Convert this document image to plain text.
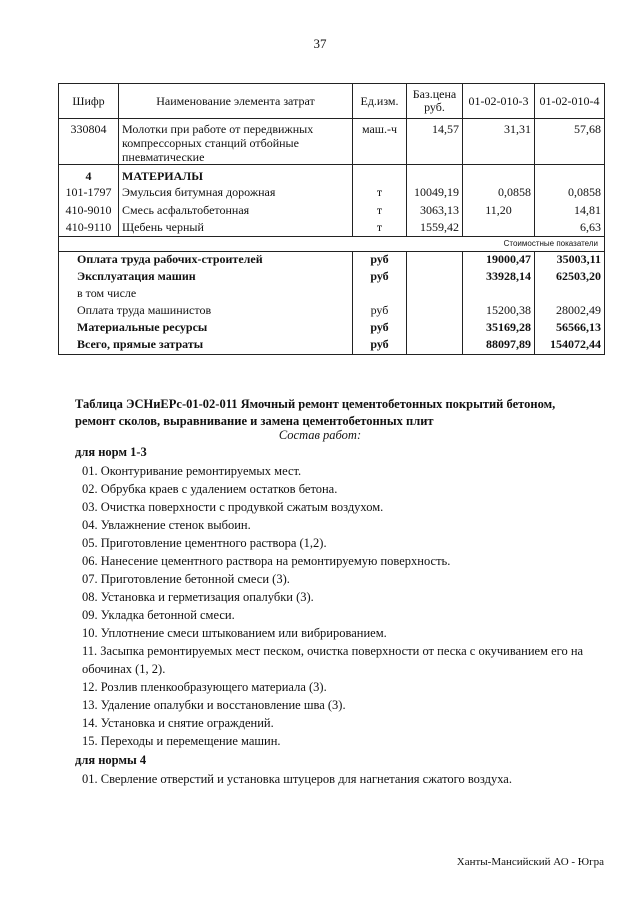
37
Шифр	Наименование элемента затрат	Ед.изм.	Баз.цена руб.	01-02-010-3	01-02-010-4
330804	Молотки при работе от передвижных компрессорных станций отбойные пневматические	маш.-ч	14,57	31,31	57,68
4	МАТЕРИАЛЫ				
101-1797	Эмульсия битумная дорожная	т	10049,19	0,0858	0,0858
410-9010	Смесь асфальтобетонная	т	3063,13	11,20	14,81
410-9110	Щебень черный	т	1559,42		6,63
Стоимостные показатели					
Оплата труда рабочих-строителей		руб		19000,47	35003,11
Эксплуатация машин		руб		33928,14	62503,20
в том числе					
Оплата труда машинистов		руб		15200,38	28002,49
Материальные ресурсы		руб		35169,28	56566,13
Всего, прямые затраты		руб		88097,89	154072,44
Таблица ЭСНиЕРс-01-02-011 Ямочный ремонт цементобетонных покрытий бетоном, ремонт сколов, выравнивание и замена цементобетонных плит
Состав работ:
для норм 1-3
01. Оконтуривание ремонтируемых мест.
02. Обрубка краев с удалением остатков бетона.
03. Очистка поверхности с продувкой сжатым воздухом.
04. Увлажнение стенок выбоин.
05. Приготовление цементного раствора (1,2).
06. Нанесение цементного раствора на ремонтируемую поверхность.
07. Приготовление бетонной смеси (3).
08. Установка и герметизация опалубки (3).
09. Укладка бетонной смеси.
10. Уплотнение смеси штыкованием или вибрированием.
11. Засыпка ремонтируемых мест песком, очистка поверхности от песка с окучиванием его на обочинах (1, 2).
12. Розлив пленкообразующего материала (3).
13. Удаление опалубки и восстановление шва (3).
14. Установка и снятие ограждений.
15. Переходы и перемещение машин.
для нормы 4
01. Сверление отверстий и установка штуцеров для нагнетания сжатого воздуха.
Ханты-Мансийский АО - Югра
